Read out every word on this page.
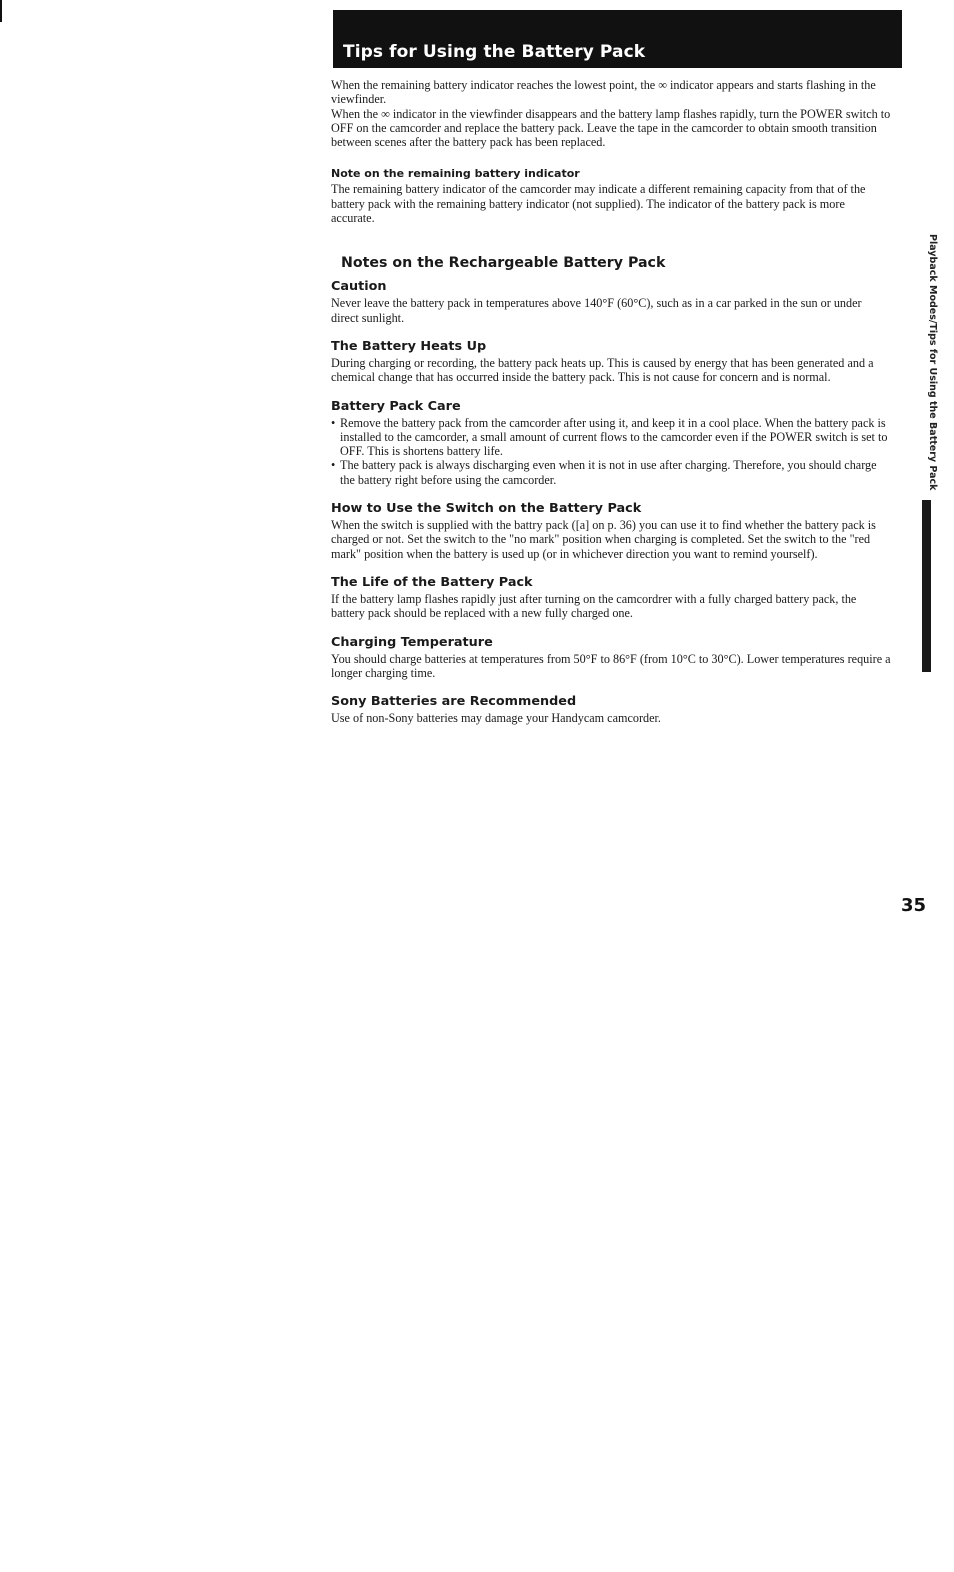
Tips for Using the Battery Pack

When the remaining battery indicator reaches the lowest point, the ∞ indicator appears and starts flashing in the viewfinder.

When the ∞ indicator in the viewfinder disappears and the battery lamp flashes rapidly, turn the POWER switch to OFF on the camcorder and replace the battery pack. Leave the tape in the camcorder to obtain smooth transition between scenes after the battery pack has been replaced.

Note on the remaining battery indicator

The remaining battery indicator of the camcorder may indicate a different remaining capacity from that of the battery pack with the remaining battery indicator (not supplied). The indicator of the battery pack is more accurate.

Notes on the Rechargeable Battery Pack
Caution

Never leave the battery pack in temperatures above 140°F (60°C), such as in a car parked in the sun or under direct sunlight.

The Battery Heats Up

During charging or recording, the battery pack heats up. This is caused by energy that has been generated and a chemical change that has occurred inside the battery pack. This is not cause for concern and is normal.

Battery Pack Care
• Remove the battery pack from the camcorder after using it, and keep it in a cool place. When the battery pack is installed to the camcorder, a small amount of current flows to the camcorder even if the POWER switch is set to OFF. This is shortens battery life.
• The battery pack is always discharging even when it is not in use after charging. Therefore, you should charge the battery right before using the camcorder.
How to Use the Switch on the Battery Pack

When the switch is supplied with the battry pack ([a] on p. 36) you can use it to find whether the battery pack is charged or not. Set the switch to the "no mark" position when charging is completed. Set the switch to the "red mark" position when the battery is used up (or in whichever direction you want to remind yourself).

The Life of the Battery Pack

If the battery lamp flashes rapidly just after turning on the camcordrer with a fully charged battery pack, the battery pack should be replaced with a new fully charged one.

Charging Temperature

You should charge batteries at temperatures from 50°F to 86°F (from 10°C to 30°C). Lower temperatures require a longer charging time.

Sony Batteries are Recommended

Use of non-Sony batteries may damage your Handycam camcorder.

Playback Modes/Tips for Using the Battery Pack
35
